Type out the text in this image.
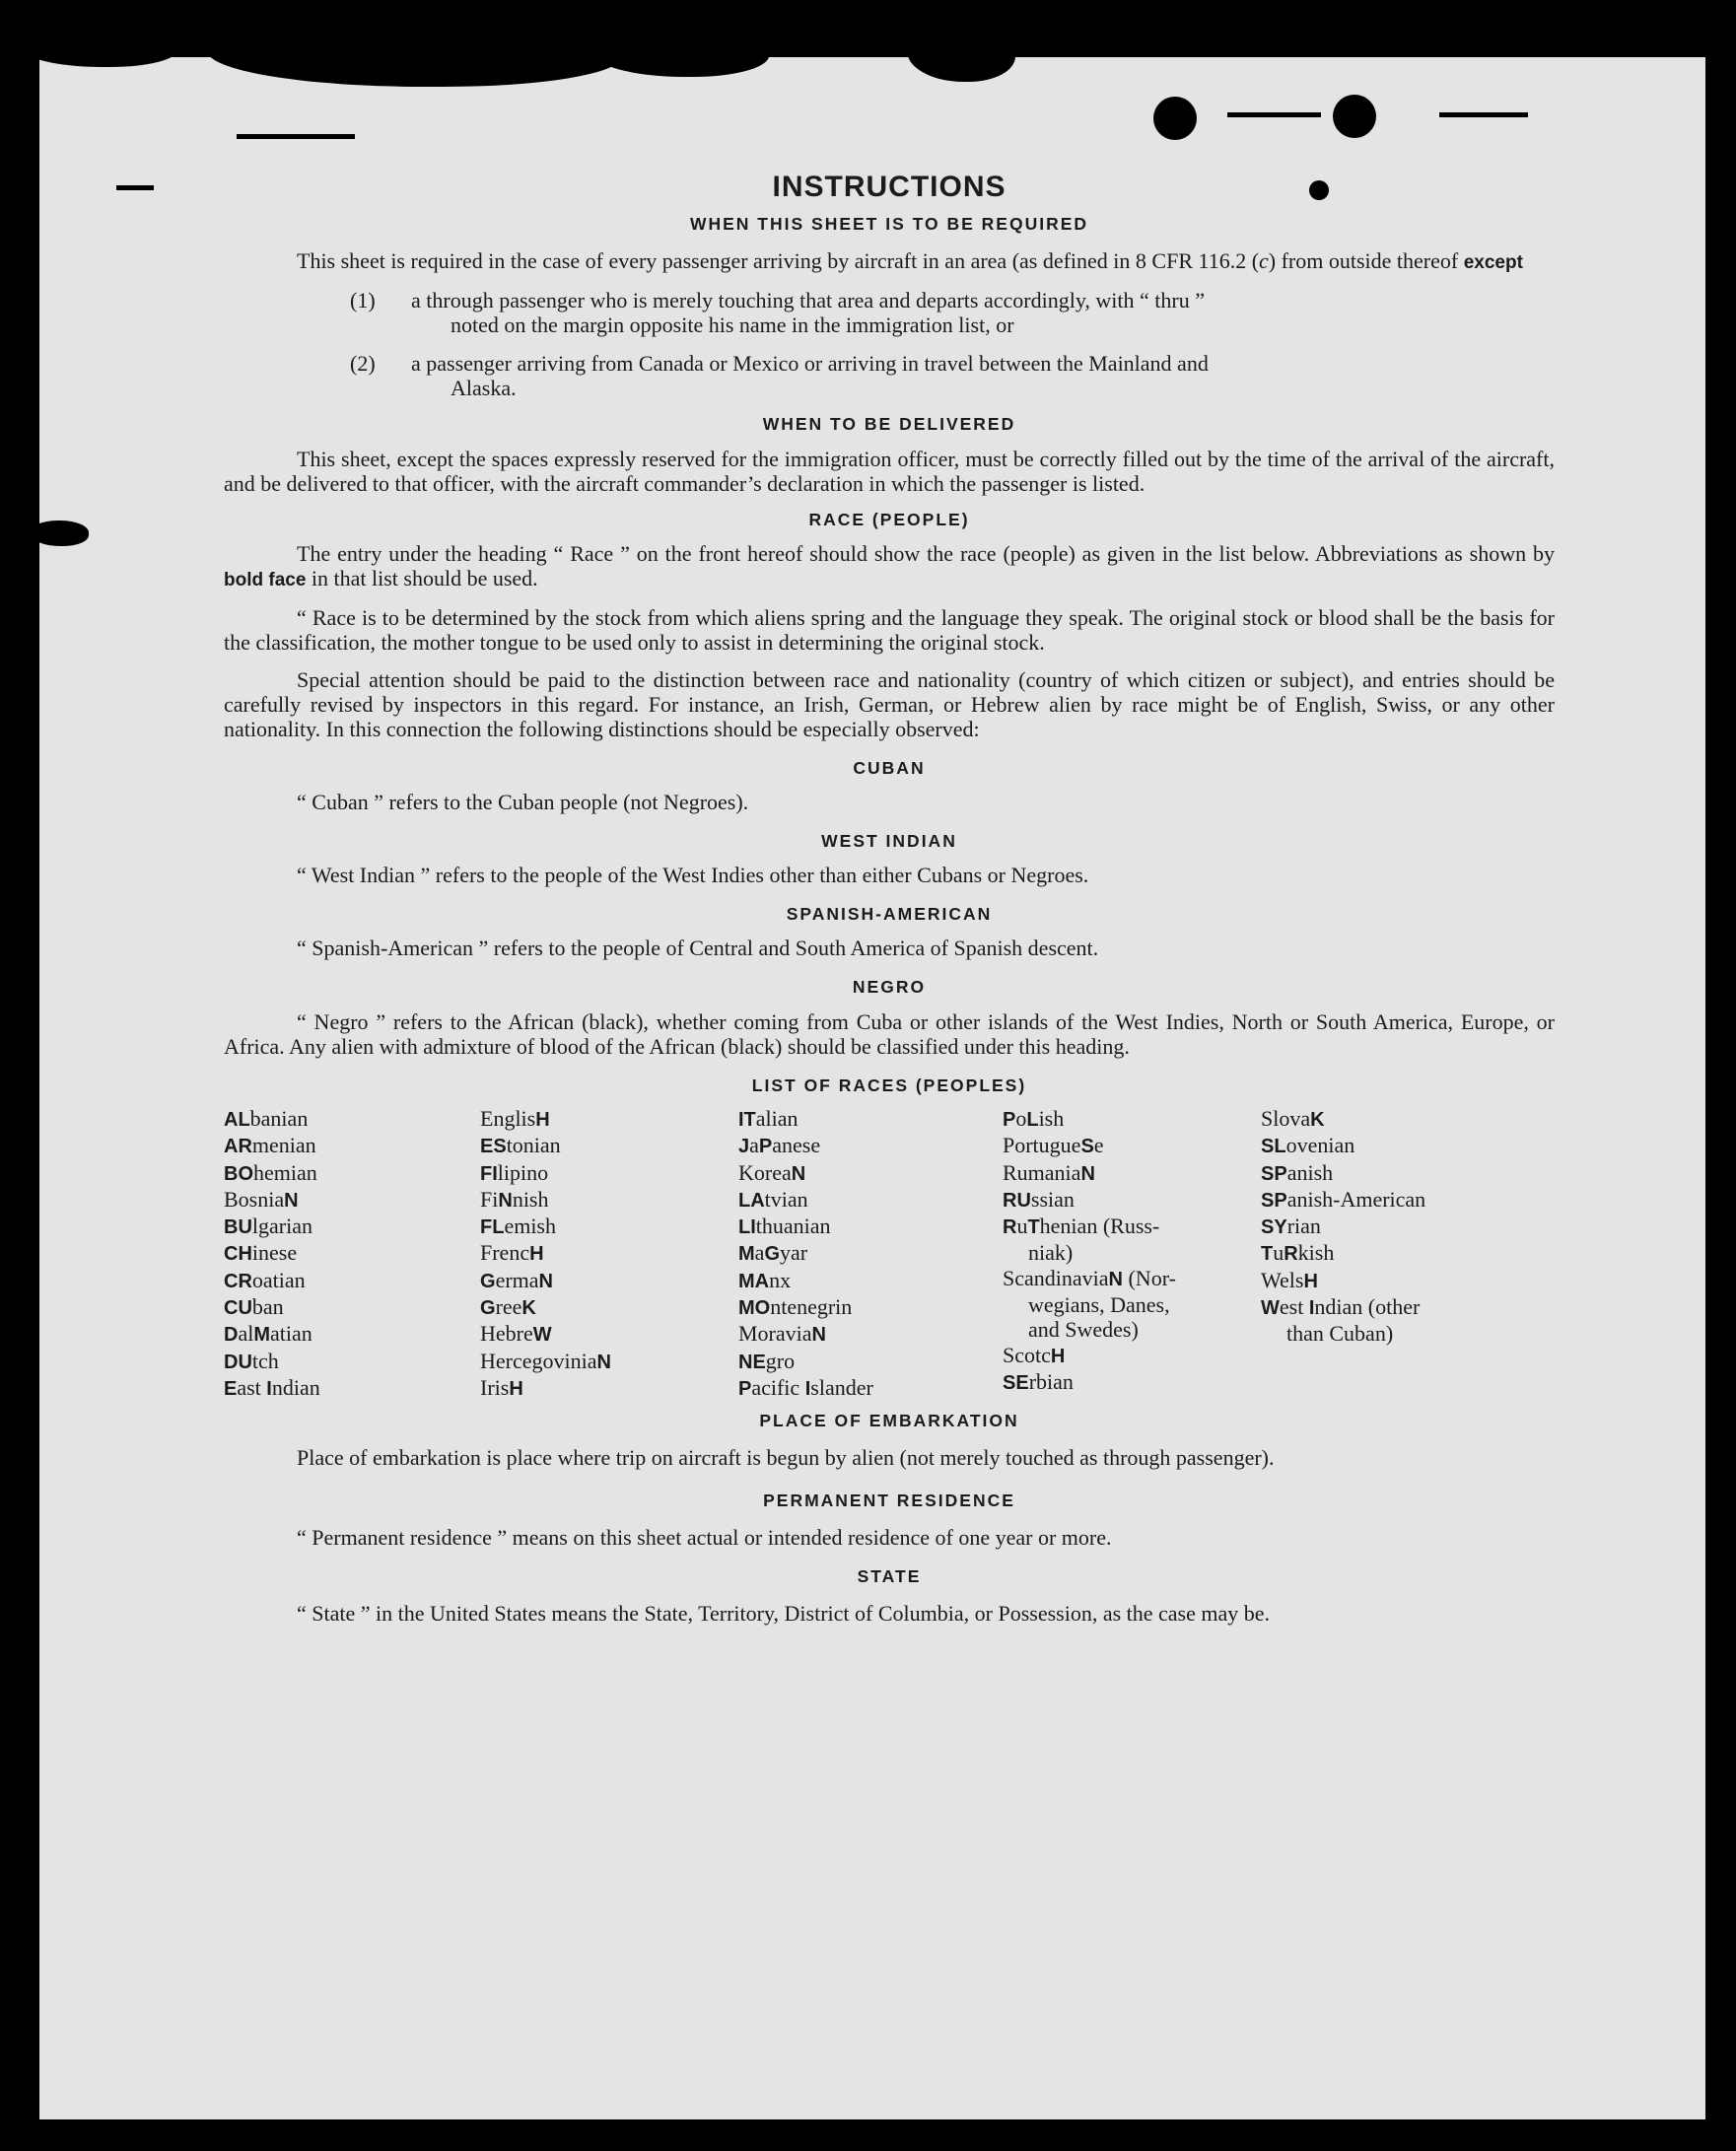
INSTRUCTIONS
WHEN THIS SHEET IS TO BE REQUIRED

This sheet is required in the case of every passenger arriving by aircraft in an area (as defined in 8 CFR 116.2 (c) from outside thereof except

(1)	a through passenger who is merely touching that area and departs accordingly, with “ thru ”
noted on the margin opposite his name in the immigration list, or
(2)	a passenger arriving from Canada or Mexico or arriving in travel between the Mainland and
Alaska.
WHEN TO BE DELIVERED

This sheet, except the spaces expressly reserved for the immigration officer, must be correctly filled out by the time of the arrival of the aircraft, and be delivered to that officer, with the aircraft commander’s declaration in which the passenger is listed.

RACE (PEOPLE)

The entry under the heading “ Race ” on the front hereof should show the race (people) as given in the list below. Abbreviations as shown by bold face in that list should be used.

“ Race is to be determined by the stock from which aliens spring and the language they speak. The original stock or blood shall be the basis for the classification, the mother tongue to be used only to assist in determining the original stock.

Special attention should be paid to the distinction between race and nationality (country of which citizen or subject), and entries should be carefully revised by inspectors in this regard. For instance, an Irish, German, or Hebrew alien by race might be of English, Swiss, or any other nationality. In this connection the following distinctions should be especially observed:

CUBAN

“ Cuban ” refers to the Cuban people (not Negroes).

WEST INDIAN

“ West Indian ” refers to the people of the West Indies other than either Cubans or Negroes.

SPANISH-AMERICAN

“ Spanish-American ” refers to the people of Central and South America of Spanish descent.

NEGRO

“ Negro ” refers to the African (black), whether coming from Cuba or other islands of the West Indies, North or South America, Europe, or Africa. Any alien with admixture of blood of the African (black) should be classified under this heading.

LIST OF RACES (PEOPLES)
ALbanian
ARmenian
BOhemian
BosniaN
BUlgarian
CHinese
CRoatian
CUban
DalMatian
DUtch
East Indian
EnglisH
EStonian
FIlipino
FiNnish
FLemish
FrencH
GermaN
GreeK
HebreW
HercegoviniaN
IrisH
ITalian
JaPanese
KoreaN
LAtvian
LIthuanian
MaGyar
MAnx
MOntenegrin
MoraviaN
NEgro
Pacific Islander
PoLish
PortugueSe
RumaniaN
RUssian
RuThenian (Russ-
niak)
ScandinaviaN (Nor-
wegians, Danes,
and Swedes)
ScotcH
SErbian
SlovaK
SLovenian
SPanish
SPanish-American
SYrian
TuRkish
WelsH
West Indian (other
than Cuban)
PLACE OF EMBARKATION

Place of embarkation is place where trip on aircraft is begun by alien (not merely touched as through passenger).

PERMANENT RESIDENCE

“ Permanent residence ” means on this sheet actual or intended residence of one year or more.

STATE

“ State ” in the United States means the State, Territory, District of Columbia, or Possession, as the case may be.
